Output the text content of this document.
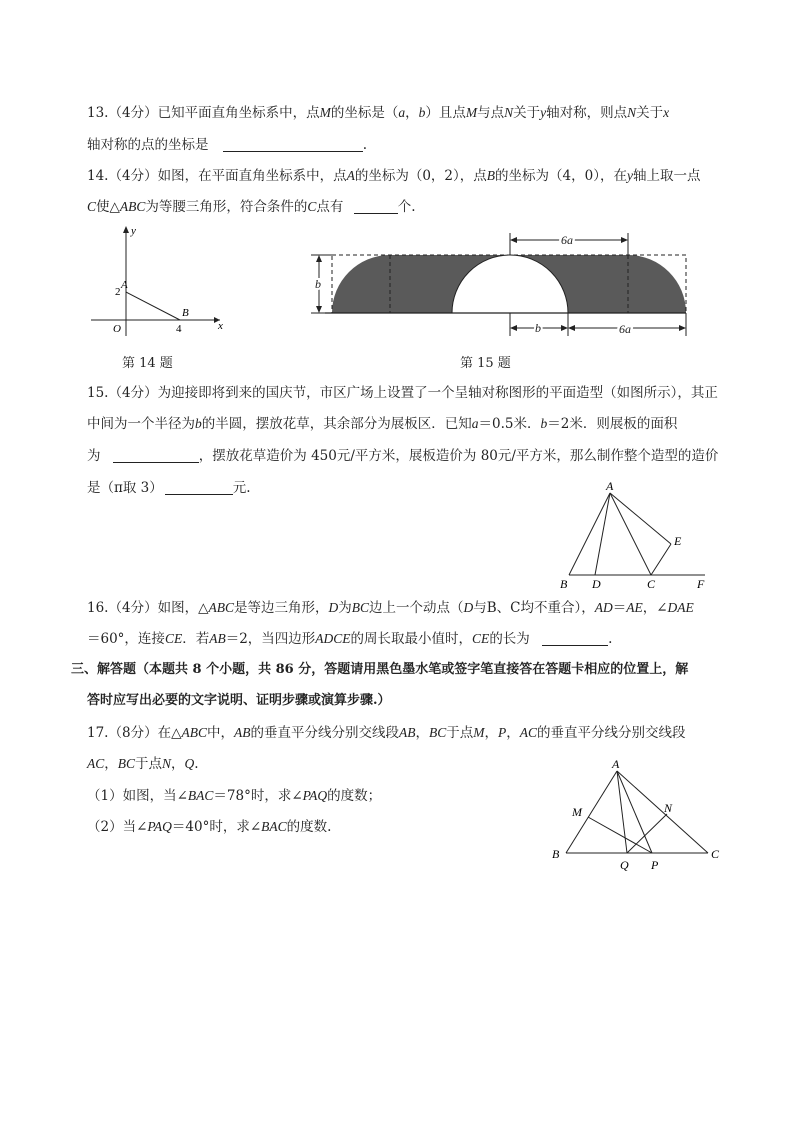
13.（4分）已知平面直角坐标系中，点M的坐标是（a，b）且点M与点N关于y轴对称，则点N关于x
轴对称的点的坐标是	.
14.（4分）如图，在平面直角坐标系中，点A的坐标为（0，2），点B的坐标为（4，0），在y轴上取一点
C使△ABC为等腰三角形，符合条件的C点有	个.
y
x
A
B
O
2
4
第 14 题
b
6a
b	6a
第 15 题
15.（4分）为迎接即将到来的国庆节，市区广场上设置了一个呈轴对称图形的平面造型（如图所示），其正
中间为一个半径为b的半圆，摆放花草，其余部分为展板区．已知a＝0.5米．b＝2米．则展板的面积
为	，摆放花草造价为 450元/平方米，展板造价为 80元/平方米，那么制作整个造型的造价
是（π取 3）	元.	A
B D	C
E
F
16.（4分）如图，△ABC是等边三角形，D为BC边上一个动点（D与B、C均不重合），AD＝AE，∠DAE
＝60°，连接CE．若AB＝2，当四边形ADCE的周长取最小值时，CE的长为	.
三、解答题（本题共 8 个小题，共 86 分，答题请用黑色墨水笔或签字笔直接答在答题卡相应的位置上，解
答时应写出必要的文字说明、证明步骤或演算步骤.）
17.（8分）在△ABC中，AB的垂直平分线分别交线段AB，BC于点M，P，AC的垂直平分线分别交线段
AC，BC于点N，Q.
（1）如图，当∠BAC＝78°时，求∠PAQ的度数；
（2）当∠PAQ＝40°时，求∠BAC的度数.
A
B	C
M	N
Q P
